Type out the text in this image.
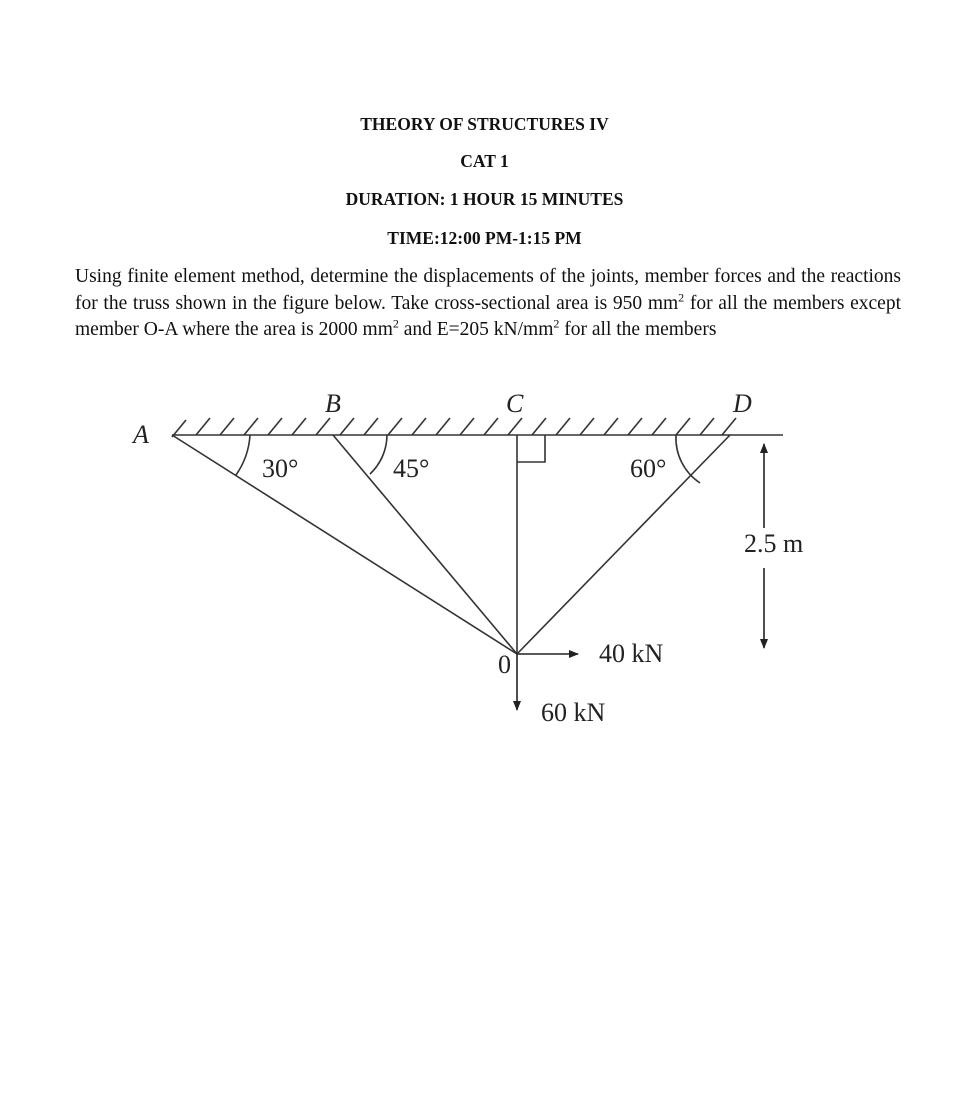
THEORY OF STRUCTURES IV
CAT 1
DURATION: 1 HOUR 15 MINUTES
TIME:12:00 PM-1:15 PM

Using finite element method, determine the displacements of the joints, member forces and the reactions for the truss shown in the figure below. Take cross-sectional area is 950 $mm^2$ for all the members except member O-A where the area is 2000 $mm^2$ and E=205 $kN/mm^2$ for all the members

A
B	C	D
0
30°	45°	60°
40 kN
60 kN
2.5 m
